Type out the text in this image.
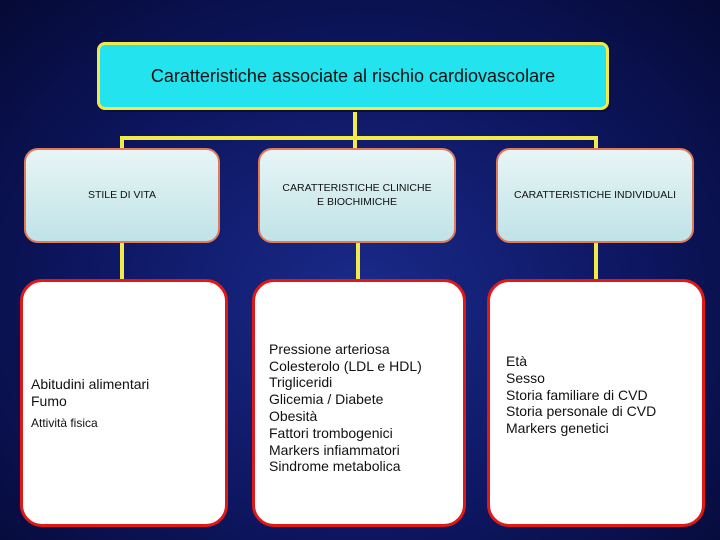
Caratteristiche associate al rischio cardiovascolare
STILE DI VITA
CARATTERISTICHE CLINICHE
E BIOCHIMICHE
CARATTERISTICHE INDIVIDUALI
Abitudini alimentari
Fumo
Attività fisica
Pressione arteriosa
Colesterolo (LDL e HDL)
Trigliceridi
Glicemia / Diabete
Obesità
Fattori trombogenici
Markers infiammatori
Sindrome metabolica
Età
Sesso
Storia familiare di CVD
Storia personale di CVD
Markers genetici
